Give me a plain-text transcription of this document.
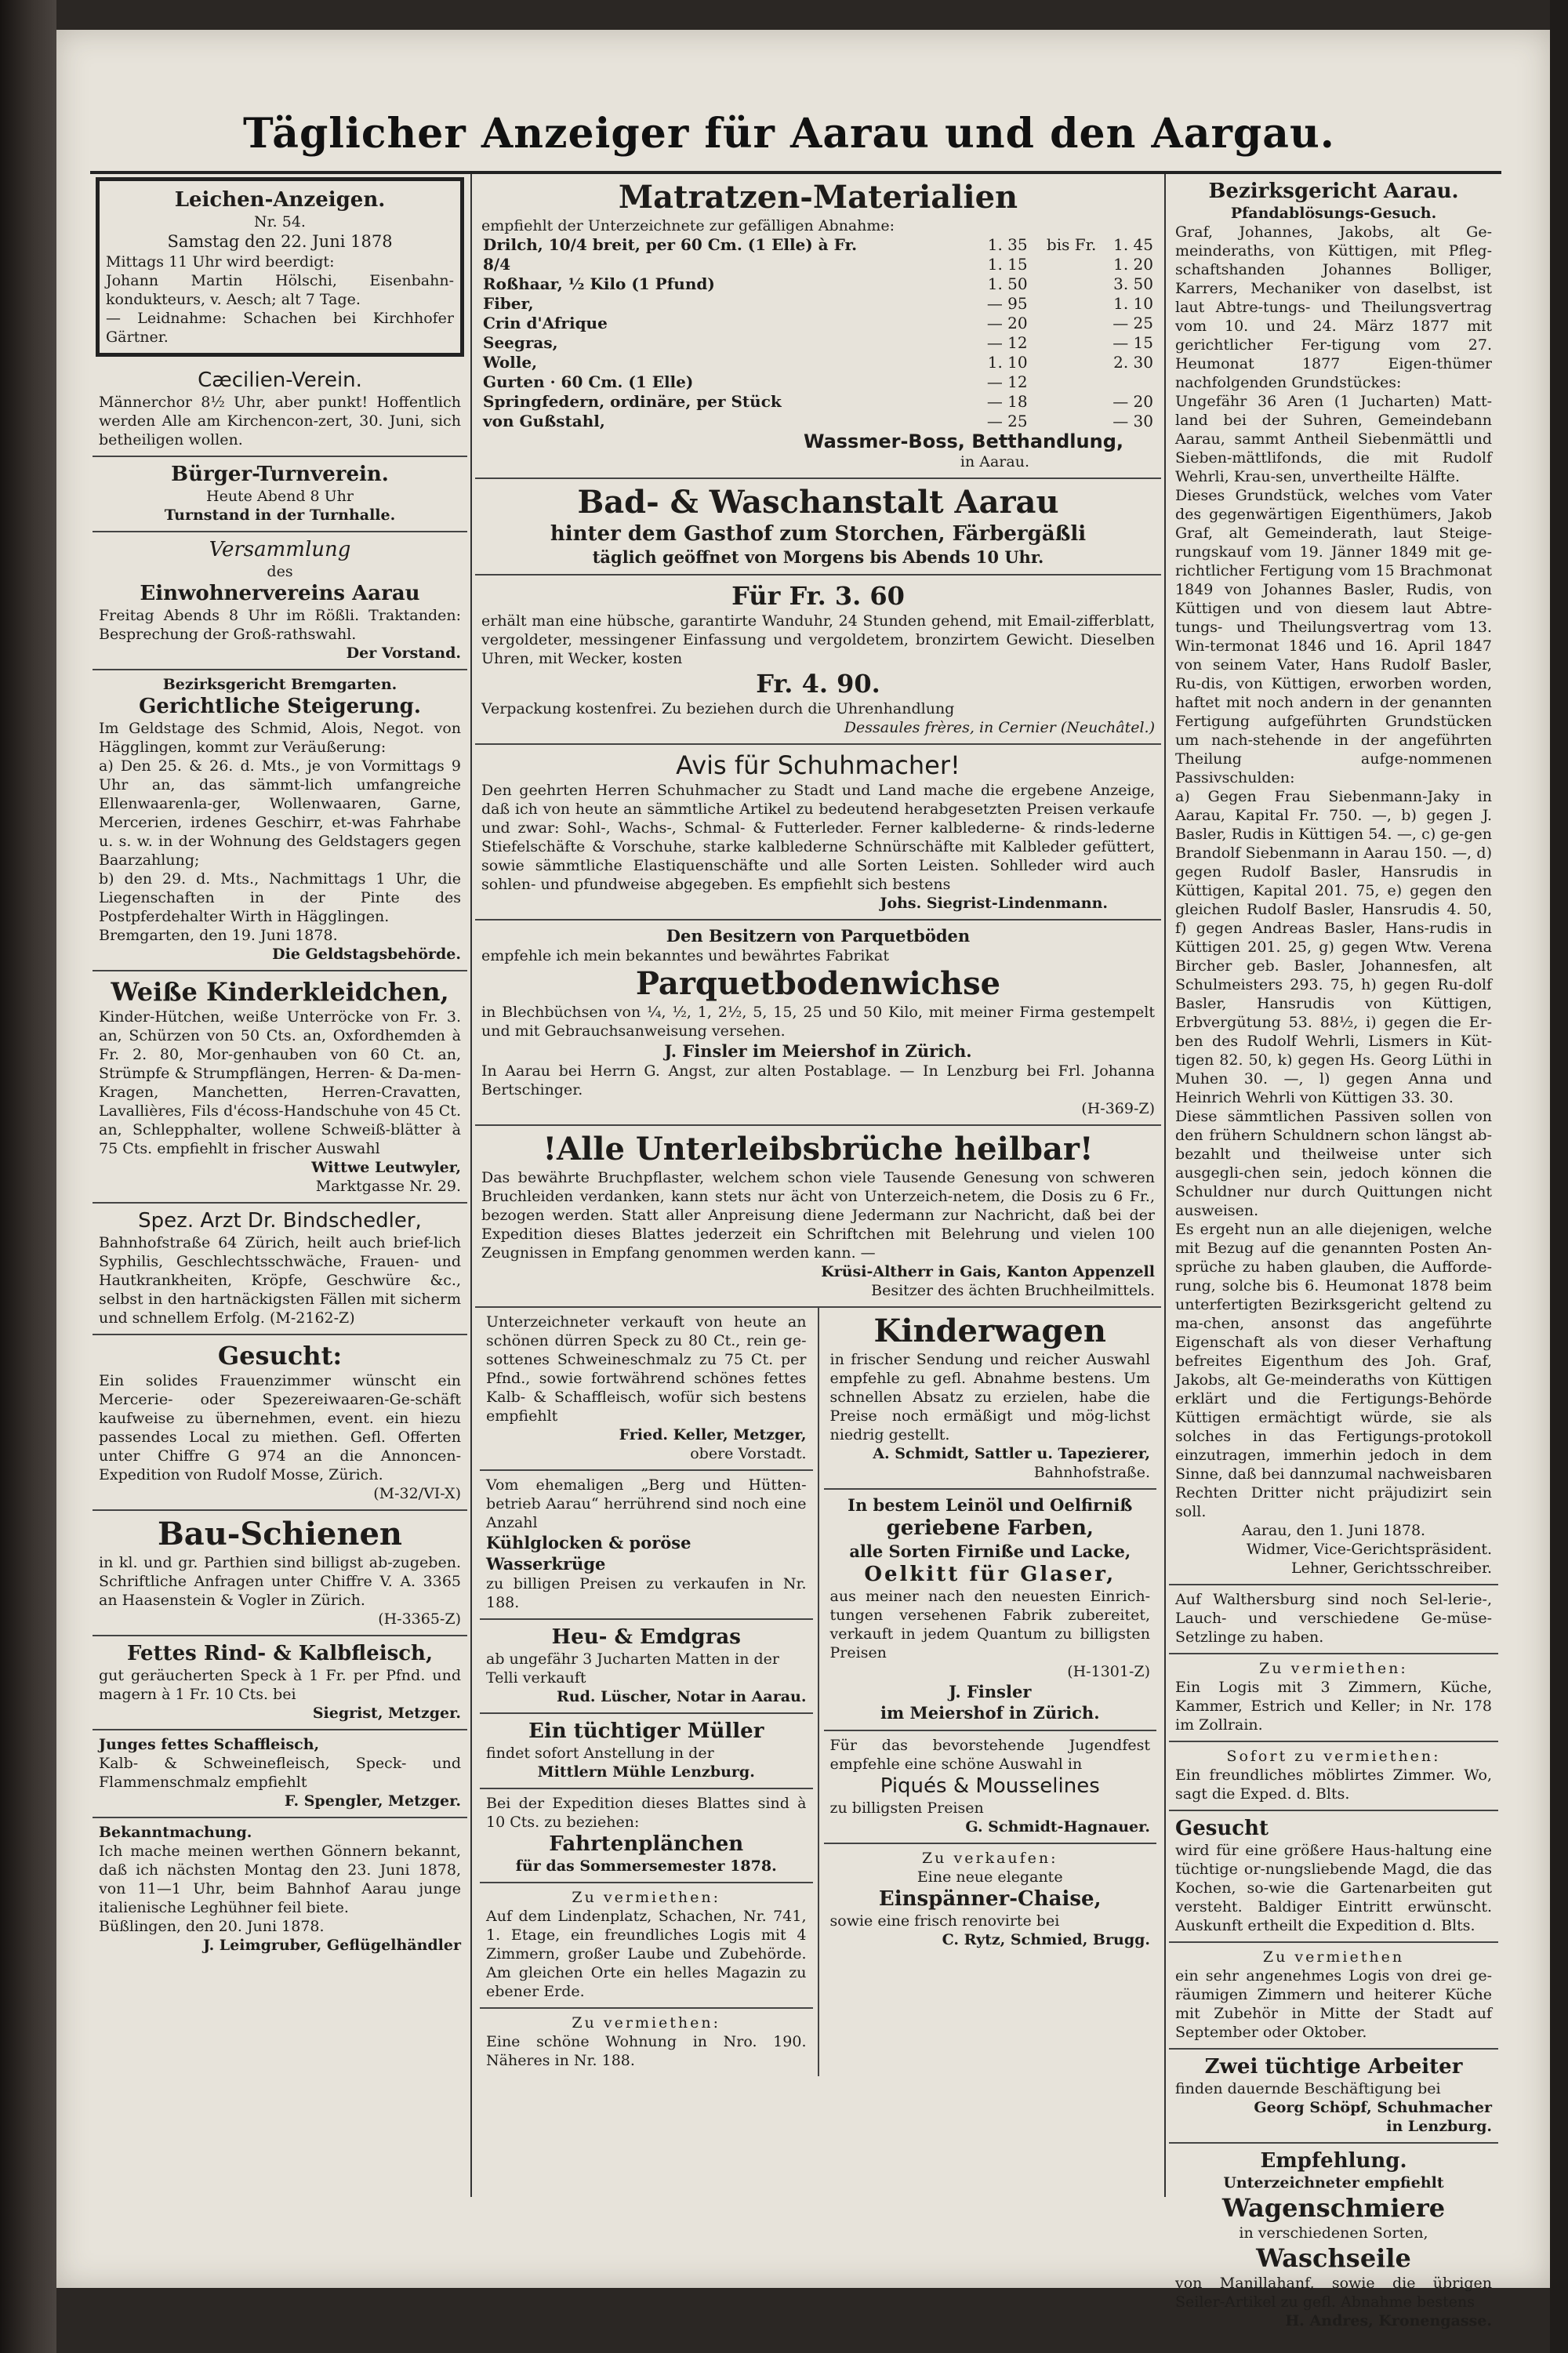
Täglicher Anzeiger für Aarau und den Aargau.

Leichen-Anzeigen.

Nr. 54.

Samstag den 22. Juni 1878

Mittags 11 Uhr wird beerdigt:

Johann Martin Hölschi, Eisenbahn-kondukteurs, v. Aesch; alt 7 Tage.

— Leidnahme: Schachen bei Kirchhofer Gärtner.

Cæcilien-Verein.

Männerchor 8½ Uhr, aber punkt! Hoffentlich werden Alle am Kirchencon-zert, 30. Juni, sich betheiligen wollen.

Bürger-Turnverein.

Heute Abend 8 Uhr

Turnstand in der Turnhalle.

Versammlung

des

Einwohnervereins Aarau

Freitag Abends 8 Uhr im Rößli. Traktanden: Besprechung der Groß-rathswahl.

Der Vorstand.

Bezirksgericht Bremgarten.

Gerichtliche Steigerung.

Im Geldstage des Schmid, Alois, Negot. von Hägglingen, kommt zur Veräußerung:

a) Den 25. & 26. d. Mts., je von Vormittags 9 Uhr an, das sämmt-lich umfangreiche Ellenwaarenla-ger, Wollenwaaren, Garne, Mercerien, irdenes Geschirr, et-was Fahrhabe u. s. w. in der Wohnung des Geldstagers gegen Baarzahlung;

b) den 29. d. Mts., Nachmittags 1 Uhr, die Liegenschaften in der Pinte des Postpferdehalter Wirth in Hägglingen.

Bremgarten, den 19. Juni 1878.

Die Geldstagsbehörde.

Weiße Kinderkleidchen,

Kinder-Hütchen, weiße Unterröcke von Fr. 3. an, Schürzen von 50 Cts. an, Oxfordhemden à Fr. 2. 80, Mor-genhauben von 60 Ct. an, Strümpfe & Strumpflängen, Herren- & Da-men-Kragen, Manchetten, Herren-Cravatten, Lavallières, Fils d'écoss-Handschuhe von 45 Ct. an, Schlepphalter, wollene Schweiß-blätter à 75 Cts. empfiehlt in frischer Auswahl

Wittwe Leutwyler,

Marktgasse Nr. 29.

Spez. Arzt Dr. Bindschedler,

Bahnhofstraße 64 Zürich, heilt auch brief-lich Syphilis, Geschlechtsschwäche, Frauen- und Hautkrankheiten, Kröpfe, Geschwüre &c., selbst in den hartnäckigsten Fällen mit sicherm und schnellem Erfolg. (M-2162-Z)

Gesucht:

Ein solides Frauenzimmer wünscht ein Mercerie- oder Spezereiwaaren-Ge-schäft kaufweise zu übernehmen, event. ein hiezu passendes Local zu miethen. Gefl. Offerten unter Chiffre G 974 an die Annoncen-Expedition von Rudolf Mosse, Zürich.

(M-32/VI-X)

Bau-Schienen

in kl. und gr. Parthien sind billigst ab-zugeben. Schriftliche Anfragen unter Chiffre V. A. 3365 an Haasenstein & Vogler in Zürich.

(H-3365-Z)

Fettes Rind- & Kalbfleisch,

gut geräucherten Speck à 1 Fr. per Pfnd. und magern à 1 Fr. 10 Cts. bei

Siegrist, Metzger.

Junges fettes Schaffleisch,

Kalb- & Schweinefleisch, Speck- und Flammenschmalz empfiehlt

F. Spengler, Metzger.

Bekanntmachung.

Ich mache meinen werthen Gönnern bekannt, daß ich nächsten Montag den 23. Juni 1878, von 11—1 Uhr, beim Bahnhof Aarau junge italienische Leghühner feil biete.

Büßlingen, den 20. Juni 1878.

J. Leimgruber, Geflügelhändler

Matratzen-Materialien

empfiehlt der Unterzeichnete zur gefälligen Abnahme:

Drilch, 10/4 breit, per 60 Cm. (1 Elle) à Fr.	1. 35	bis Fr.	1. 45
8/4	1. 15		1. 20
Roßhaar, ½ Kilo (1 Pfund)	1. 50		3. 50
Fiber,	— 95		1. 10
Crin d'Afrique	— 20		— 25
Seegras,	— 12		— 15
Wolle,	1. 10		2. 30
Gurten · 60 Cm. (1 Elle)	— 12		
Springfedern, ordinäre, per Stück	— 18		— 20
von Gußstahl,	— 25		— 30

Wassmer-Boss, Betthandlung,

in Aarau.

Bad- & Waschanstalt Aarau

hinter dem Gasthof zum Storchen, Färbergäßli

täglich geöffnet von Morgens bis Abends 10 Uhr.

Für Fr. 3. 60

erhält man eine hübsche, garantirte Wanduhr, 24 Stunden gehend, mit Email-zifferblatt, vergoldeter, messingener Einfassung und vergoldetem, bronzirtem Gewicht. Dieselben Uhren, mit Wecker, kosten

Fr. 4. 90.

Verpackung kostenfrei. Zu beziehen durch die Uhrenhandlung

Dessaules frères, in Cernier (Neuchâtel.)

Avis für Schuhmacher!

Den geehrten Herren Schuhmacher zu Stadt und Land mache die ergebene Anzeige, daß ich von heute an sämmtliche Artikel zu bedeutend herabgesetzten Preisen verkaufe und zwar: Sohl-, Wachs-, Schmal- & Futterleder. Ferner kalblederne- & rinds-lederne Stiefelschäfte & Vorschuhe, starke kalblederne Schnürschäfte mit Kalbleder gefüttert, sowie sämmtliche Elastiquenschäfte und alle Sorten Leisten. Sohlleder wird auch sohlen- und pfundweise abgegeben. Es empfiehlt sich bestens

Johs. Siegrist-Lindenmann.

Den Besitzern von Parquetböden

empfehle ich mein bekanntes und bewährtes Fabrikat

Parquetbodenwichse

in Blechbüchsen von ¼, ½, 1, 2½, 5, 15, 25 und 50 Kilo, mit meiner Firma gestempelt und mit Gebrauchsanweisung versehen.

J. Finsler im Meiershof in Zürich.

In Aarau bei Herrn G. Angst, zur alten Postablage. — In Lenzburg bei Frl. Johanna Bertschinger.

(H-369-Z)

!Alle Unterleibsbrüche heilbar!

Das bewährte Bruchpflaster, welchem schon viele Tausende Genesung von schweren Bruchleiden verdanken, kann stets nur ächt von Unterzeich-netem, die Dosis zu 6 Fr., bezogen werden. Statt aller Anpreisung diene Jedermann zur Nachricht, daß bei der Expedition dieses Blattes jederzeit ein Schriftchen mit Belehrung und vielen 100 Zeugnissen in Empfang genommen werden kann. —

Krüsi-Altherr in Gais, Kanton Appenzell

Besitzer des ächten Bruchheilmittels.

Unterzeichneter verkauft von heute an schönen dürren Speck zu 80 Ct., rein ge-sottenes Schweineschmalz zu 75 Ct. per Pfnd., sowie fortwährend schönes fettes Kalb- & Schaffleisch, wofür sich bestens empfiehlt

Fried. Keller, Metzger,

obere Vorstadt.

Vom ehemaligen „Berg und Hütten-betrieb Aarau“ herrührend sind noch eine Anzahl

Kühlglocken & poröse Wasserkrüge

zu billigen Preisen zu verkaufen in Nr. 188.

Heu- & Emdgras

ab ungefähr 3 Jucharten Matten in der Telli verkauft

Rud. Lüscher, Notar in Aarau.

Ein tüchtiger Müller

findet sofort Anstellung in der

Mittlern Mühle Lenzburg.

Bei der Expedition dieses Blattes sind à 10 Cts. zu beziehen:

Fahrtenplänchen

für das Sommersemester 1878.

Zu vermiethen:

Auf dem Lindenplatz, Schachen, Nr. 741, 1. Etage, ein freundliches Logis mit 4 Zimmern, großer Laube und Zubehörde. Am gleichen Orte ein helles Magazin zu ebener Erde.

Zu vermiethen:

Eine schöne Wohnung in Nro. 190. Näheres in Nr. 188.

Kinderwagen

in frischer Sendung und reicher Auswahl empfehle zu gefl. Abnahme bestens. Um schnellen Absatz zu erzielen, habe die Preise noch ermäßigt und mög-lichst niedrig gestellt.

A. Schmidt, Sattler u. Tapezierer,

Bahnhofstraße.

In bestem Leinöl und Oelfirniß

geriebene Farben,

alle Sorten Firniße und Lacke,

Oelkitt für Glaser,

aus meiner nach den neuesten Einrich-tungen versehenen Fabrik zubereitet, verkauft in jedem Quantum zu billigsten Preisen

(H-1301-Z)

J. Finsler

im Meiershof in Zürich.

Für das bevorstehende Jugendfest empfehle eine schöne Auswahl in

Piqués & Mousselines

zu billigsten Preisen

G. Schmidt-Hagnauer.

Zu verkaufen:

Eine neue elegante

Einspänner-Chaise,

sowie eine frisch renovirte bei

C. Rytz, Schmied, Brugg.

Bezirksgericht Aarau.

Pfandablösungs-Gesuch.

Graf, Johannes, Jakobs, alt Ge-meinderaths, von Küttigen, mit Pfleg-schaftshanden Johannes Bolliger, Karrers, Mechaniker von daselbst, ist laut Abtre-tungs- und Theilungsvertrag vom 10. und 24. März 1877 mit gerichtlicher Fer-tigung vom 27. Heumonat 1877 Eigen-thümer nachfolgenden Grundstückes:

Ungefähr 36 Aren (1 Jucharten) Matt-land bei der Suhren, Gemeindebann Aarau, sammt Antheil Siebenmättli und Sieben-mättlifonds, die mit Rudolf Wehrli, Krau-sen, unvertheilte Hälfte.

Dieses Grundstück, welches vom Vater des gegenwärtigen Eigenthümers, Jakob Graf, alt Gemeinderath, laut Steige-rungskauf vom 19. Jänner 1849 mit ge-richtlicher Fertigung vom 15 Brachmonat 1849 von Johannes Basler, Rudis, von Küttigen und von diesem laut Abtre-tungs- und Theilungsvertrag vom 13. Win-termonat 1846 und 16. April 1847 von seinem Vater, Hans Rudolf Basler, Ru-dis, von Küttigen, erworben worden, haftet mit noch andern in der genannten Fertigung aufgeführten Grundstücken um nach-stehende in der angeführten Theilung aufge-nommenen Passivschulden:

a) Gegen Frau Siebenmann-Jaky in Aarau, Kapital Fr. 750. —, b) gegen J. Basler, Rudis in Küttigen 54. —, c) ge-gen Brandolf Siebenmann in Aarau 150. —, d) gegen Rudolf Basler, Hansrudis in Küttigen, Kapital 201. 75, e) gegen den gleichen Rudolf Basler, Hansrudis 4. 50, f) gegen Andreas Basler, Hans-rudis in Küttigen 201. 25, g) gegen Wtw. Verena Bircher geb. Basler, Johannesfen, alt Schulmeisters 293. 75, h) gegen Ru-dolf Basler, Hansrudis von Küttigen, Erbvergütung 53. 88½, i) gegen die Er-ben des Rudolf Wehrli, Lismers in Küt-tigen 82. 50, k) gegen Hs. Georg Lüthi in Muhen 30. —, l) gegen Anna und Heinrich Wehrli von Küttigen 33. 30.

Diese sämmtlichen Passiven sollen von den frühern Schuldnern schon längst ab-bezahlt und theilweise unter sich ausgegli-chen sein, jedoch können die Schuldner nur durch Quittungen nicht ausweisen.

Es ergeht nun an alle diejenigen, welche mit Bezug auf die genannten Posten An-sprüche zu haben glauben, die Aufforde-rung, solche bis 6. Heumonat 1878 beim unterfertigten Bezirksgericht geltend zu ma-chen, ansonst das angeführte Eigenschaft als von dieser Verhaftung befreites Eigenthum des Joh. Graf, Jakobs, alt Ge-meinderaths von Küttigen erklärt und die Fertigungs-Behörde Küttigen ermächtigt würde, sie als solches in das Fertigungs-protokoll einzutragen, immerhin jedoch in dem Sinne, daß bei dannzumal nachweisbaren Rechten Dritter nicht präjudizirt sein soll.

Aarau, den 1. Juni 1878.

Widmer, Vice-Gerichtspräsident.

Lehner, Gerichtsschreiber.

Auf Walthersburg sind noch Sel-lerie-, Lauch- und verschiedene Ge-müse-Setzlinge zu haben.

Zu vermiethen:

Ein Logis mit 3 Zimmern, Küche, Kammer, Estrich und Keller; in Nr. 178 im Zollrain.

Sofort zu vermiethen:

Ein freundliches möblirtes Zimmer. Wo, sagt die Exped. d. Blts.

Gesucht

wird für eine größere Haus-haltung eine tüchtige or-nungsliebende Magd, die das Kochen, so-wie die Gartenarbeiten gut versteht. Baldiger Eintritt erwünscht. Auskunft ertheilt die Expedition d. Blts.

Zu vermiethen

ein sehr angenehmes Logis von drei ge-räumigen Zimmern und heiterer Küche mit Zubehör in Mitte der Stadt auf September oder Oktober.

Zwei tüchtige Arbeiter

finden dauernde Beschäftigung bei

Georg Schöpf, Schuhmacher

in Lenzburg.

Empfehlung.

Unterzeichneter empfiehlt

Wagenschmiere

in verschiedenen Sorten,

Waschseile

von Manillahanf, sowie die übrigen Seiler-Artikel zu gefl. Abnahme bestens

H. Andres, Kronengasse.
